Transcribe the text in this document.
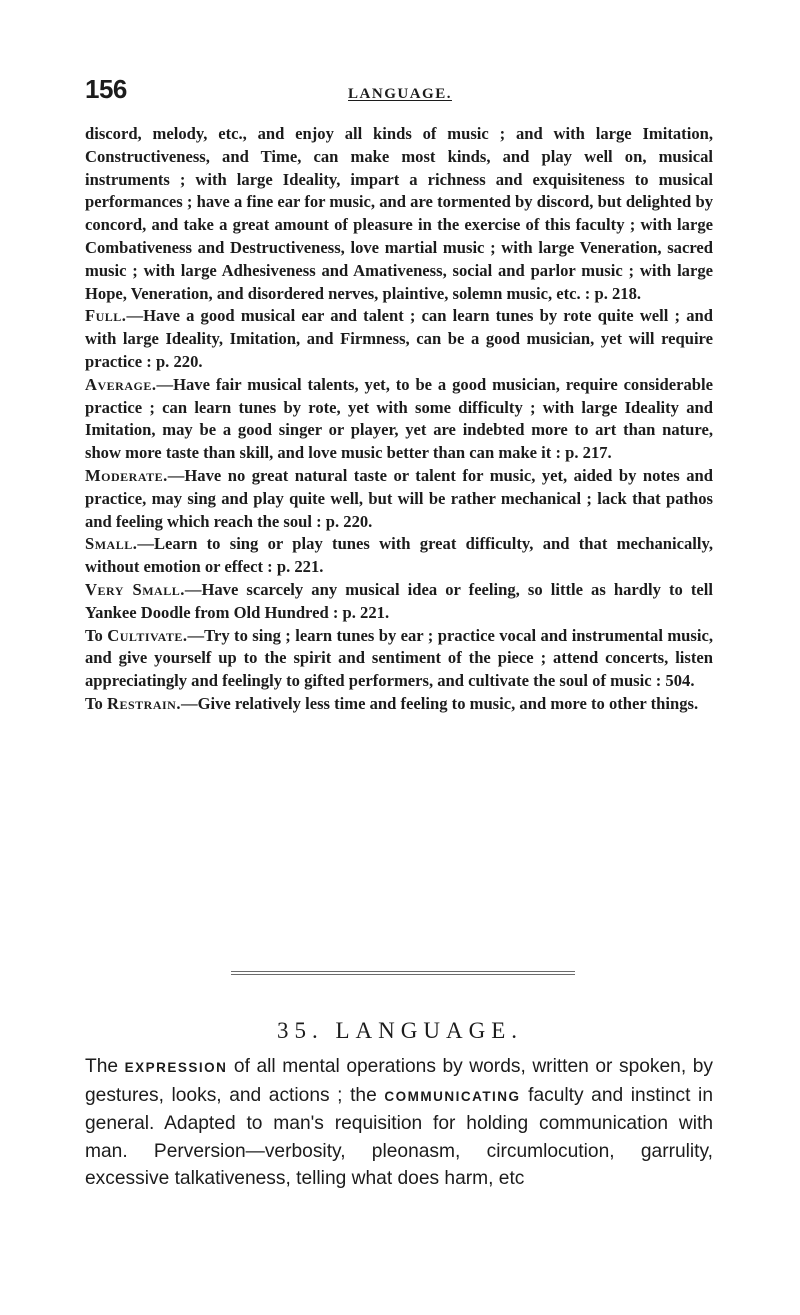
156	LANGUAGE.

discord, melody, etc., and enjoy all kinds of music ; and with large Imitation, Constructiveness, and Time, can make most kinds, and play well on, musical instruments ; with large Ideality, impart a richness and exquisiteness to musical performances ; have a fine ear for music, and are tormented by discord, but delighted by concord, and take a great amount of pleasure in the exercise of this faculty ; with large Combativeness and Destructiveness, love martial music ; with large Veneration, sacred music ; with large Adhesiveness and Amativeness, social and parlor music ; with large Hope, Veneration, and disordered nerves, plaintive, solemn music, etc. : p. 218.

Full.—Have a good musical ear and talent ; can learn tunes by rote quite well ; and with large Ideality, Imitation, and Firmness, can be a good musician, yet will require practice : p. 220.

Average.—Have fair musical talents, yet, to be a good musician, require considerable practice ; can learn tunes by rote, yet with some difficulty ; with large Ideality and Imitation, may be a good singer or player, yet are indebted more to art than nature, show more taste than skill, and love music better than can make it : p. 217.

Moderate.—Have no great natural taste or talent for music, yet, aided by notes and practice, may sing and play quite well, but will be rather mechanical ; lack that pathos and feeling which reach the soul : p. 220.

Small.—Learn to sing or play tunes with great difficulty, and that mechanically, without emotion or effect : p. 221.

Very Small.—Have scarcely any musical idea or feeling, so little as hardly to tell Yankee Doodle from Old Hundred : p. 221.

To Cultivate.—Try to sing ; learn tunes by ear ; practice vocal and instrumental music, and give yourself up to the spirit and sentiment of the piece ; attend concerts, listen appreciatingly and feelingly to gifted performers, and cultivate the soul of music : 504.

To Restrain.—Give relatively less time and feeling to music, and more to other things.

35. LANGUAGE.
The EXPRESSION of all mental operations by words, written or spoken, by gestures, looks, and actions ; the COMMUNICATING faculty and instinct in general. Adapted to man's requisition for holding communication with man. Perversion—verbosity, pleonasm, circumlocution, garrulity, excessive talkativeness, telling what does harm, etc
